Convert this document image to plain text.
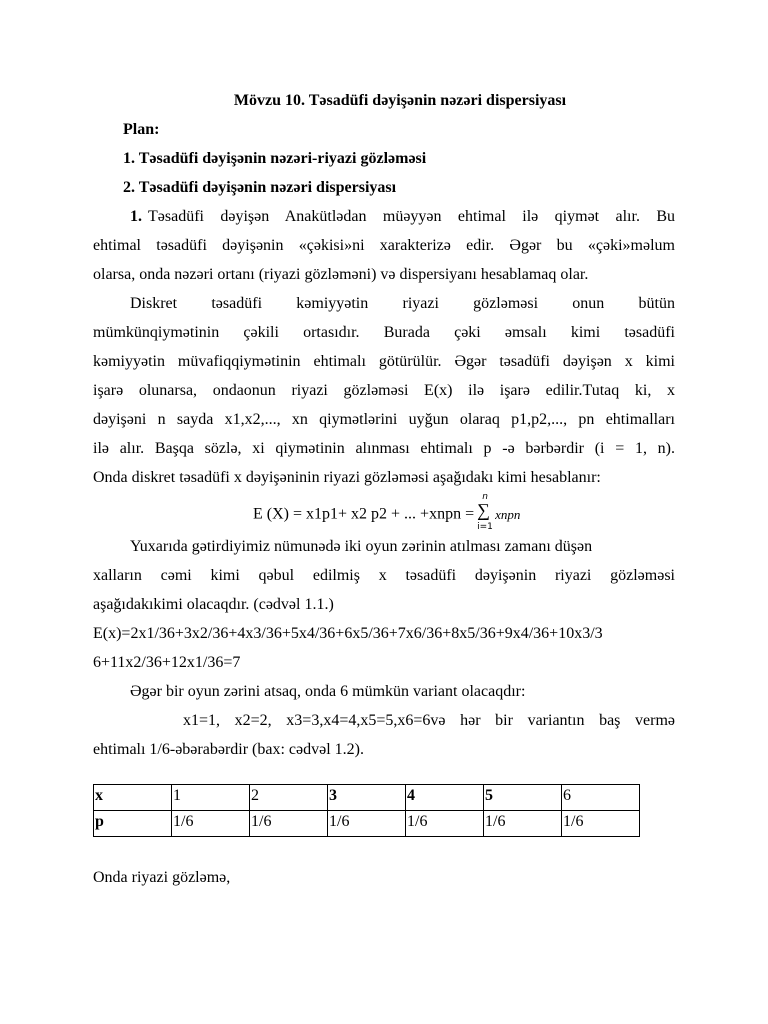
Mövzu 10. Təsadüfi dəyişənin nəzəri dispersiyası
Plan:
1. Təsadüfi dəyişənin nəzəri-riyazi gözləməsi
2. Təsadüfi dəyişənin nəzəri dispersiyası
1. Təsadüfi dəyişən Anakütlədan müəyyən ehtimal ilə qiymət alır. Bu
ehtimal təsadüfi dəyişənin «çəkisi»ni xarakterizə edir. Əgər bu «çəki»məlum
olarsa, onda nəzəri ortanı (riyazi gözləməni) və dispersiyanı hesablamaq olar.
Diskret təsadüfi kəmiyyətin riyazi gözləməsi onun bütün
mümkünqiymətinin çəkili ortasıdır. Burada çəki əmsalı kimi təsadüfi
kəmiyyətin müvafiqqiymətinin ehtimalı götürülür. Əgər təsadüfi dəyişən x kimi
işarə olunarsa, ondaonun riyazi gözləməsi E(x) ilə işarə edilir.Tutaq ki, x
dəyişəni n sayda x1,x2,..., xn qiymətlərini uyğun olaraq p1,p2,..., pn ehtimalları
ilə alır. Başqa sözlə, xi qiymətinin alınması ehtimalı p -ə bərbərdir (i = 1, n).
Onda diskret təsadüfi x dəyişəninin riyazi gözləməsi aşağıdakı kimi hesablanır:
E (X) = x1p1+ x2 p2 + ... +xnpn =
n
∑
i=1
xnpn
Yuxarıda gətirdiyimiz nümunədə iki oyun zərinin atılması zamanı düşən
xalların cəmi kimi qəbul edilmiş x təsadüfi dəyişənin riyazi gözləməsi
aşağıdakıkimi olacaqdır. (cədvəl 1.1.)
E(x)=2x1/36+3x2/36+4x3/36+5x4/36+6x5/36+7x6/36+8x5/36+9x4/36+10x3/3
6+11x2/36+12x1/36=7
Əgər bir oyun zərini atsaq, onda 6 mümkün variant olacaqdır:
x1=1, x2=2, x3=3,x4=4,x5=5,x6=6və hər bir variantın baş vermə
ehtimalı 1/6-əbərabərdir (bax: cədvəl 1.2).
x	1	2	3	4	5	6
p	1/6	1/6	1/6	1/6	1/6	1/6
Onda riyazi gözləmə,
